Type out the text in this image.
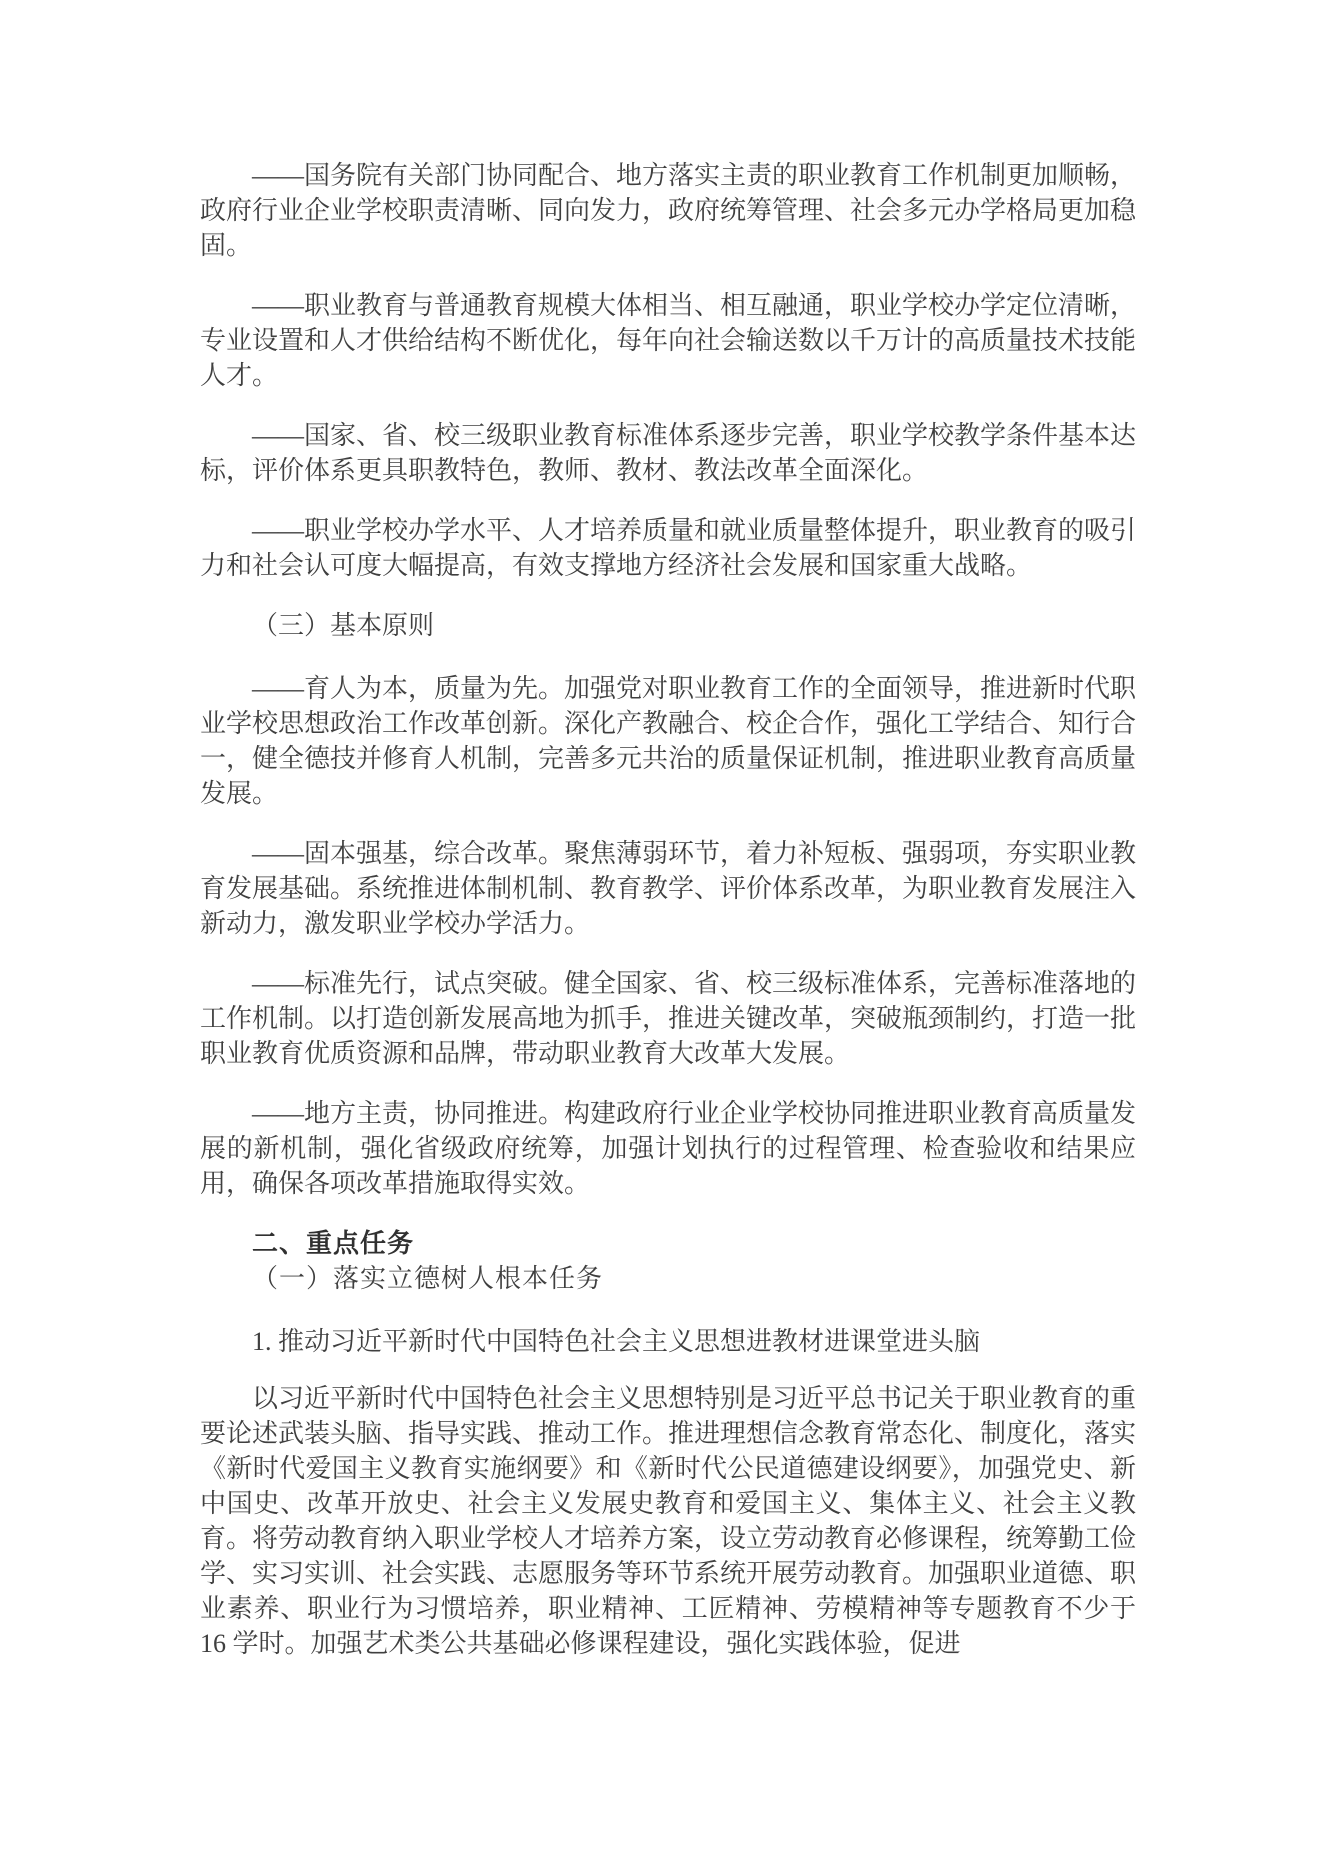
——国务院有关部门协同配合、地方落实主责的职业教育工作机制更加顺畅，政府行业企业学校职责清晰、同向发力，政府统筹管理、社会多元办学格局更加稳固。

——职业教育与普通教育规模大体相当、相互融通，职业学校办学定位清晰，专业设置和人才供给结构不断优化，每年向社会输送数以千万计的高质量技术技能人才。

——国家、省、校三级职业教育标准体系逐步完善，职业学校教学条件基本达标，评价体系更具职教特色，教师、教材、教法改革全面深化。

——职业学校办学水平、人才培养质量和就业质量整体提升，职业教育的吸引力和社会认可度大幅提高，有效支撑地方经济社会发展和国家重大战略。

（三）基本原则

——育人为本，质量为先。加强党对职业教育工作的全面领导，推进新时代职业学校思想政治工作改革创新。深化产教融合、校企合作，强化工学结合、知行合一，健全德技并修育人机制，完善多元共治的质量保证机制，推进职业教育高质量发展。

——固本强基，综合改革。聚焦薄弱环节，着力补短板、强弱项，夯实职业教育发展基础。系统推进体制机制、教育教学、评价体系改革，为职业教育发展注入新动力，激发职业学校办学活力。

——标准先行，试点突破。健全国家、省、校三级标准体系，完善标准落地的工作机制。以打造创新发展高地为抓手，推进关键改革，突破瓶颈制约，打造一批职业教育优质资源和品牌，带动职业教育大改革大发展。

——地方主责，协同推进。构建政府行业企业学校协同推进职业教育高质量发展的新机制，强化省级政府统筹，加强计划执行的过程管理、检查验收和结果应用，确保各项改革措施取得实效。

二、重点任务

（一）落实立德树人根本任务

1. 推动习近平新时代中国特色社会主义思想进教材进课堂进头脑

以习近平新时代中国特色社会主义思想特别是习近平总书记关于职业教育的重要论述武装头脑、指导实践、推动工作。推进理想信念教育常态化、制度化，落实《新时代爱国主义教育实施纲要》和《新时代公民道德建设纲要》，加强党史、新中国史、改革开放史、社会主义发展史教育和爱国主义、集体主义、社会主义教育。将劳动教育纳入职业学校人才培养方案，设立劳动教育必修课程，统筹勤工俭学、实习实训、社会实践、志愿服务等环节系统开展劳动教育。加强职业道德、职业素养、职业行为习惯培养，职业精神、工匠精神、劳模精神等专题教育不少于 16 学时。加强艺术类公共基础必修课程建设，强化实践体验，促进
